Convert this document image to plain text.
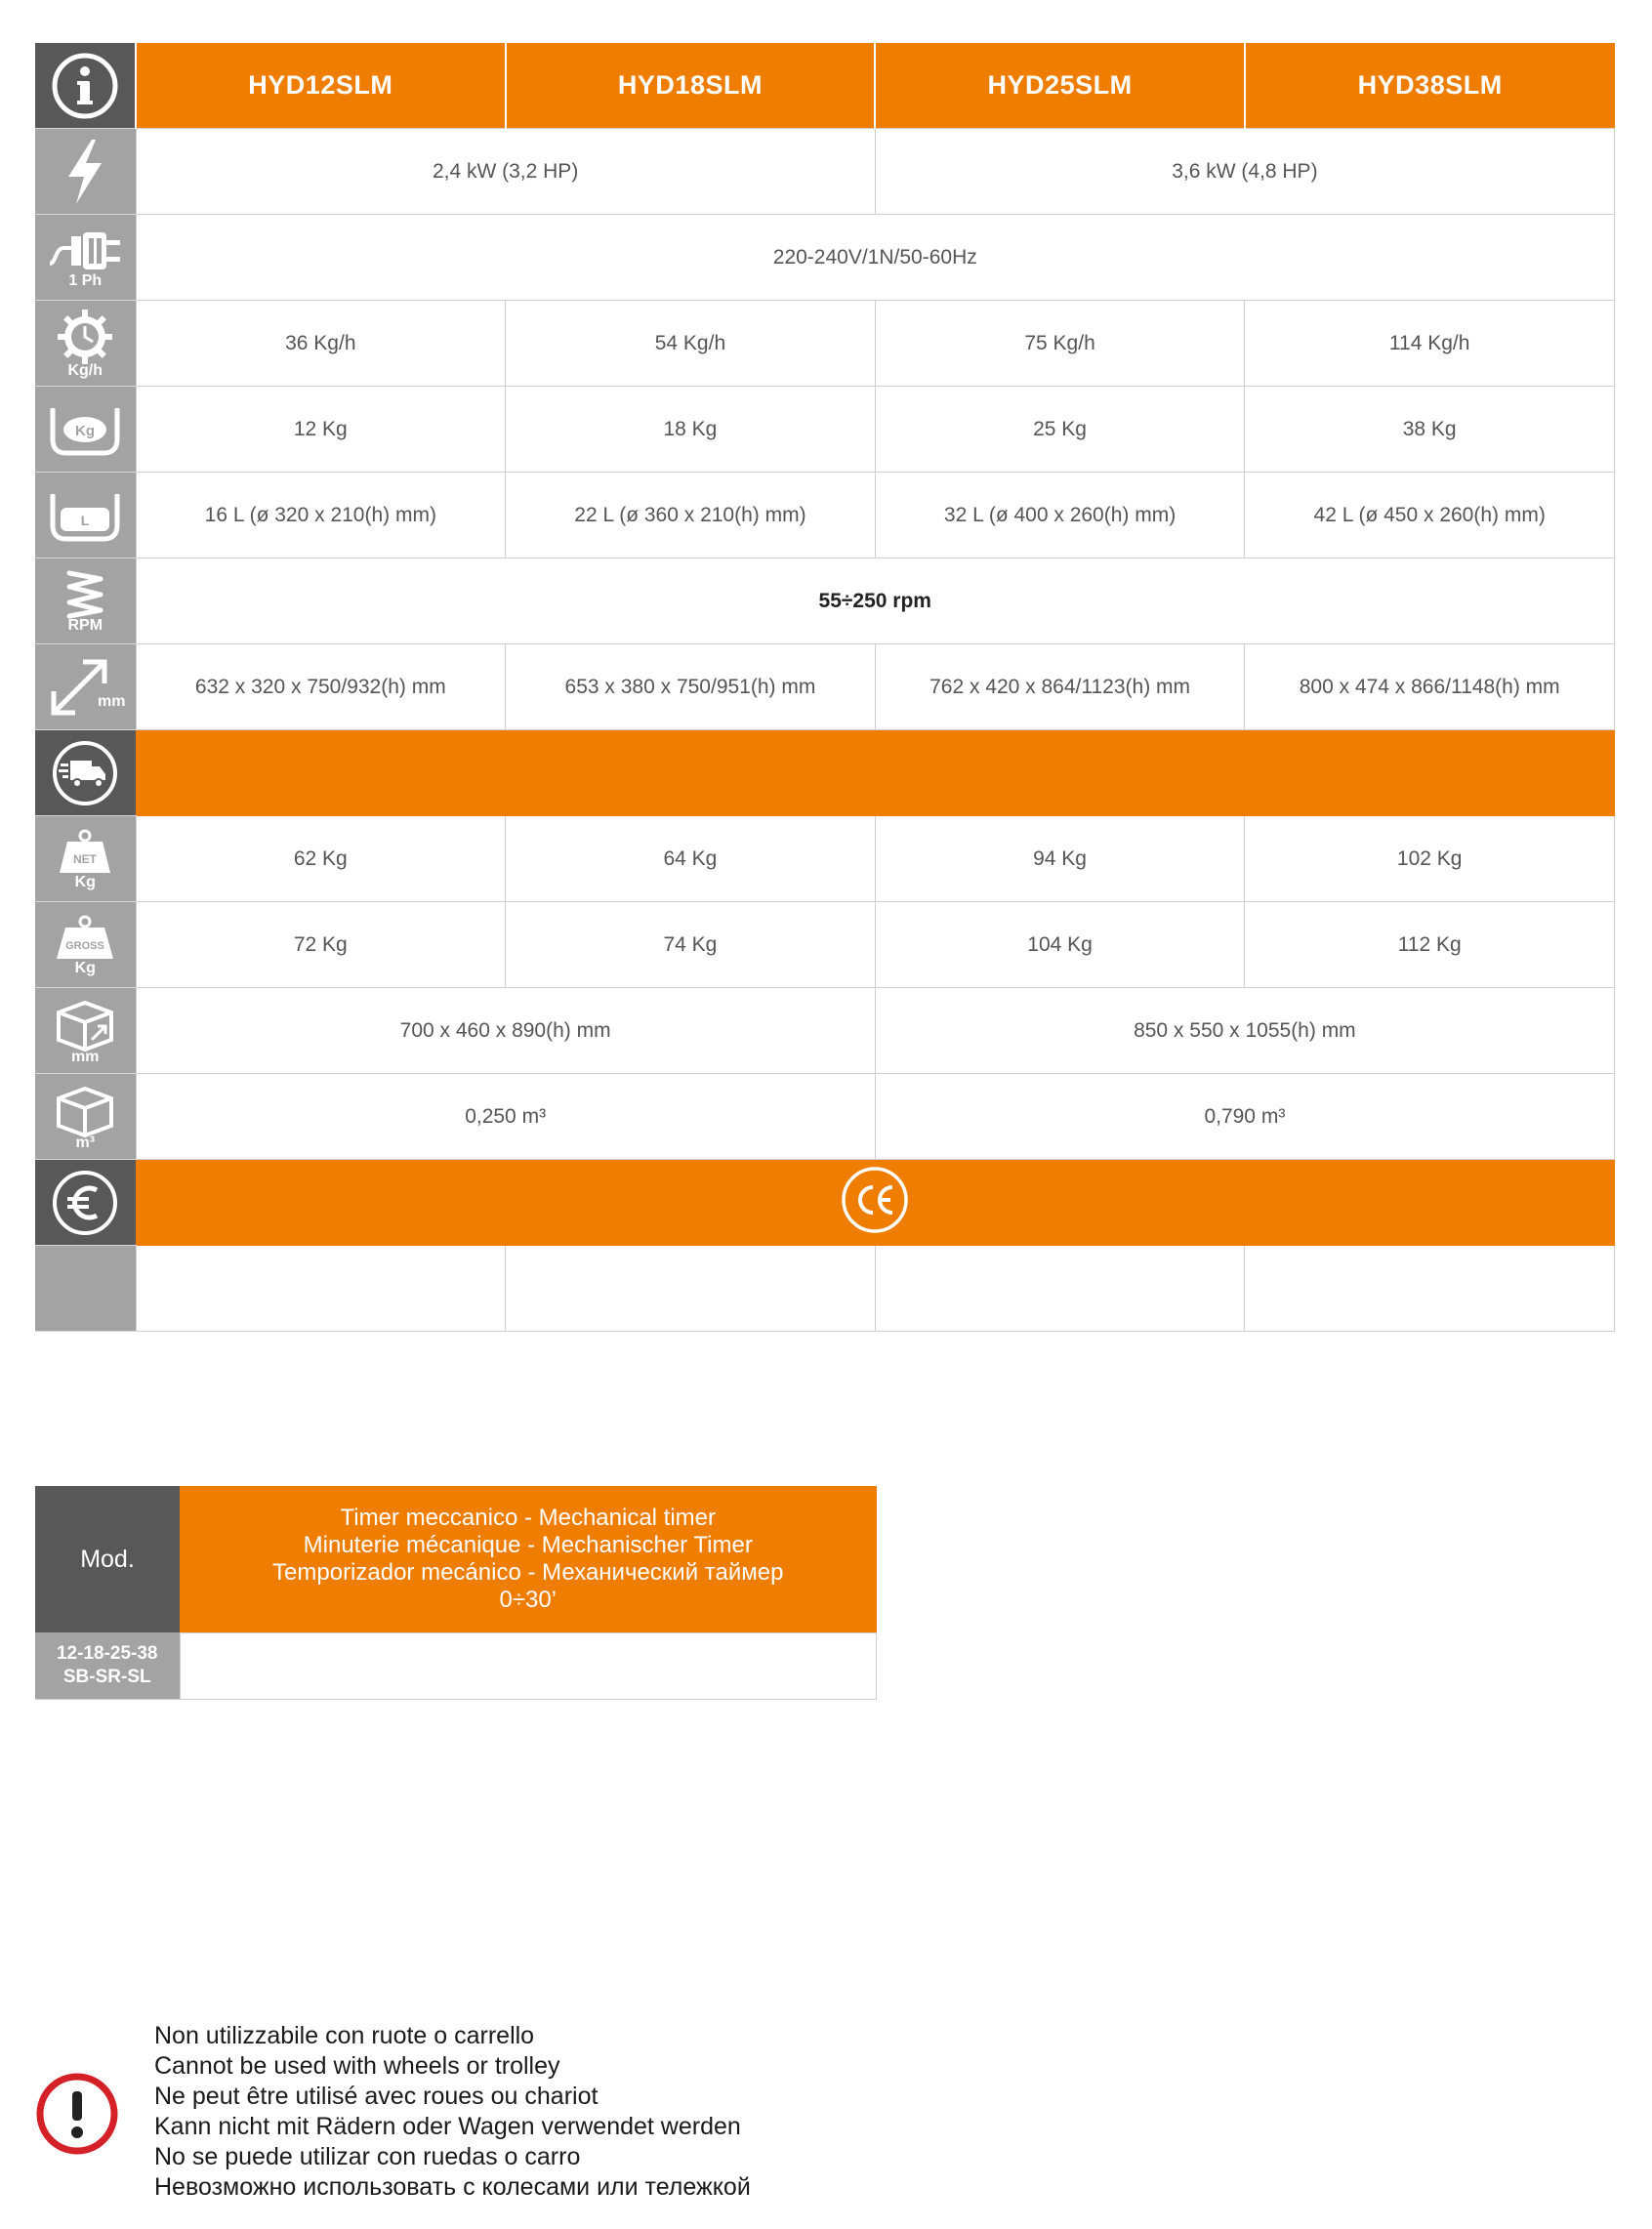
	HYD12SLM	HYD18SLM	HYD25SLM	HYD38SLM

	2,4 kW (3,2 HP)		3,6 kW (4,8 HP)	

1 Ph	220-240V/1N/50-60Hz			

Kg/h	36 Kg/h	54 Kg/h	75 Kg/h	114 Kg/h

Kg	12 Kg	18 Kg	25 Kg	38 Kg

L	16 L (ø 320 x 210(h) mm)	22 L (ø 360 x 210(h) mm)	32 L (ø 400 x 260(h) mm)	42 L (ø 450 x 260(h) mm)

RPM	55÷250 rpm			

mm	632 x 320 x 750/932(h) mm	653 x 380 x 750/951(h) mm	762 x 420 x 864/1123(h) mm	800 x 474 x 866/1148(h) mm

NET
Kg	62 Kg	64 Kg	94 Kg	102 Kg

GROSS
Kg	72 Kg	74 Kg	104 Kg	112 Kg

mm	700 x 460 x 890(h) mm		850 x 550 x 1055(h) mm	

m³	0,250 m³		0,790 m³	

Mod.	Timer meccanico - Mechanical timer
Minuterie mécanique - Mechanischer Timer
Temporizador mecánico - Механический таймер
0÷30’

12-18-25-38
SB-SR-SL	

Non utilizzabile con ruote o carrello
Cannot be used with wheels or trolley
Ne peut être utilisé avec roues ou chariot
Kann nicht mit Rädern oder Wagen verwendet werden
No se puede utilizar con ruedas o carro
Невозможно использовать с колесами или тележкой
